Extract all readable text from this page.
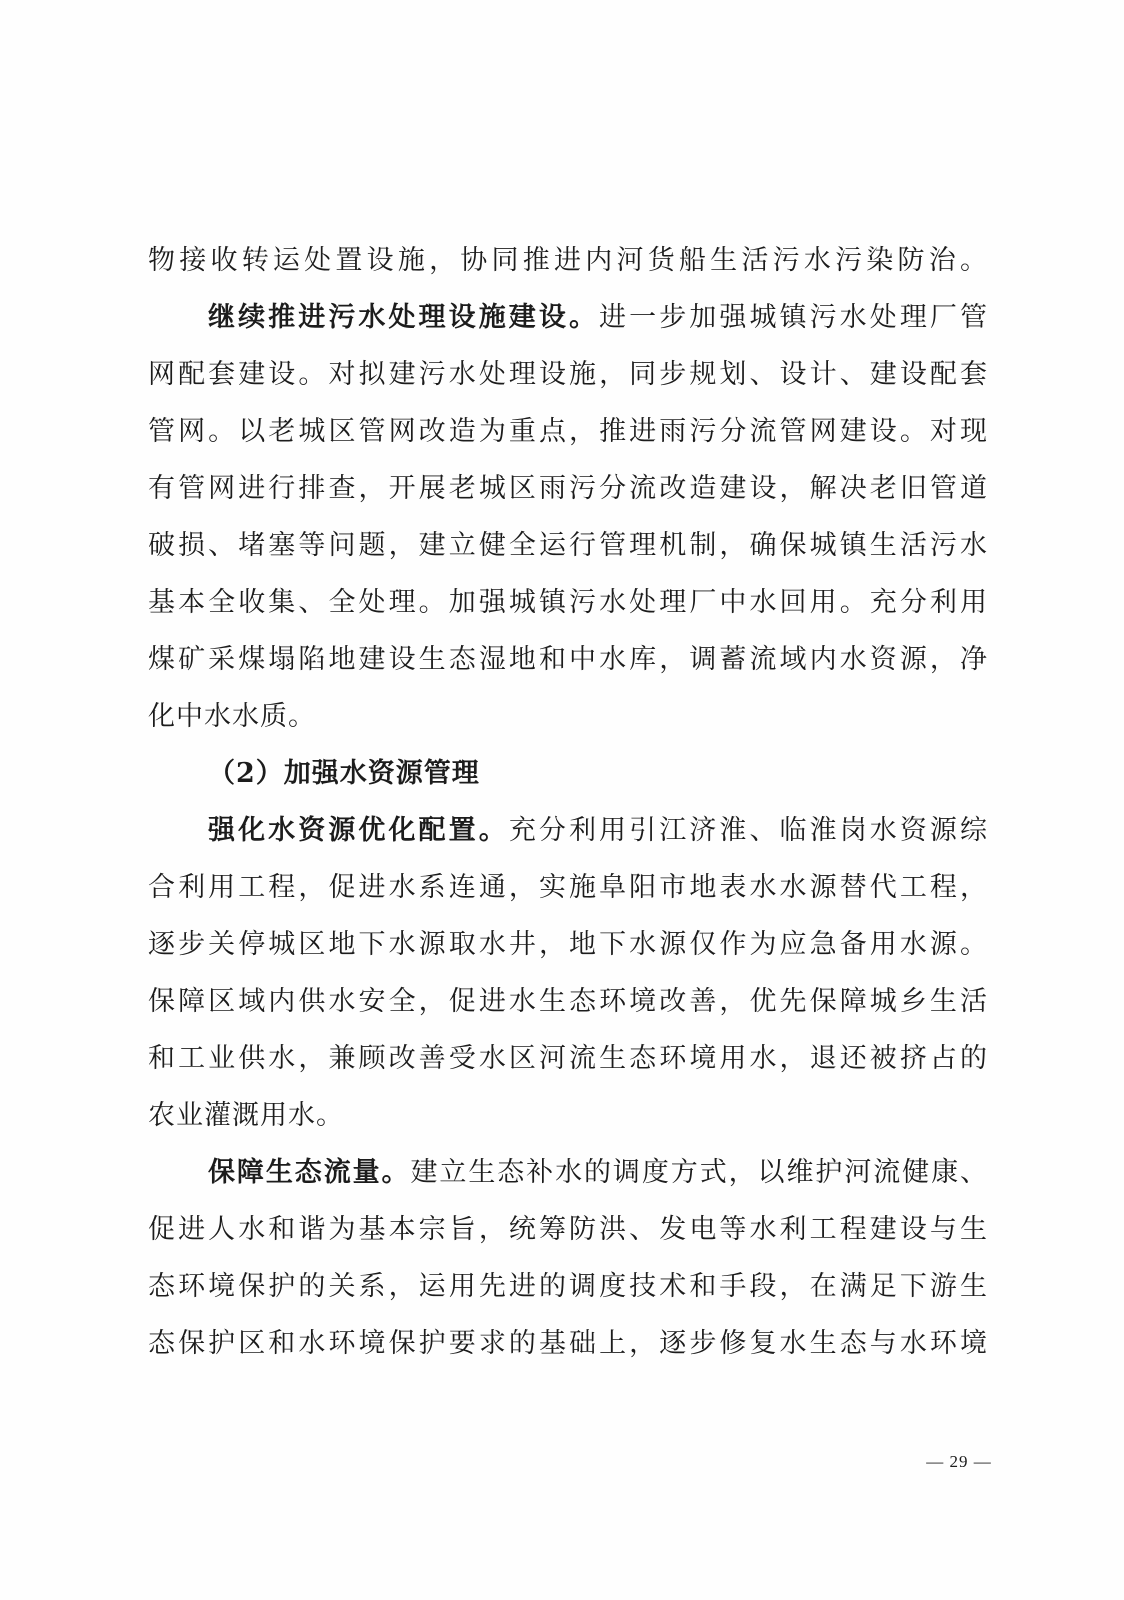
物接收转运处置设施，协同推进内河货船生活污水污染防治。
继续推进污水处理设施建设。进一步加强城镇污水处理厂管
网配套建设。对拟建污水处理设施，同步规划、设计、建设配套
管网。以老城区管网改造为重点，推进雨污分流管网建设。对现
有管网进行排查，开展老城区雨污分流改造建设，解决老旧管道
破损、堵塞等问题，建立健全运行管理机制，确保城镇生活污水
基本全收集、全处理。加强城镇污水处理厂中水回用。充分利用
煤矿采煤塌陷地建设生态湿地和中水库，调蓄流域内水资源，净
化中水水质。
（2）加强水资源管理
强化水资源优化配置。充分利用引江济淮、临淮岗水资源综
合利用工程，促进水系连通，实施阜阳市地表水水源替代工程，
逐步关停城区地下水源取水井，地下水源仅作为应急备用水源。
保障区域内供水安全，促进水生态环境改善，优先保障城乡生活
和工业供水，兼顾改善受水区河流生态环境用水，退还被挤占的
农业灌溉用水。
保障生态流量。建立生态补水的调度方式，以维护河流健康、
促进人水和谐为基本宗旨，统筹防洪、发电等水利工程建设与生
态环境保护的关系，运用先进的调度技术和手段，在满足下游生
态保护区和水环境保护要求的基础上，逐步修复水生态与水环境
— 29 —
